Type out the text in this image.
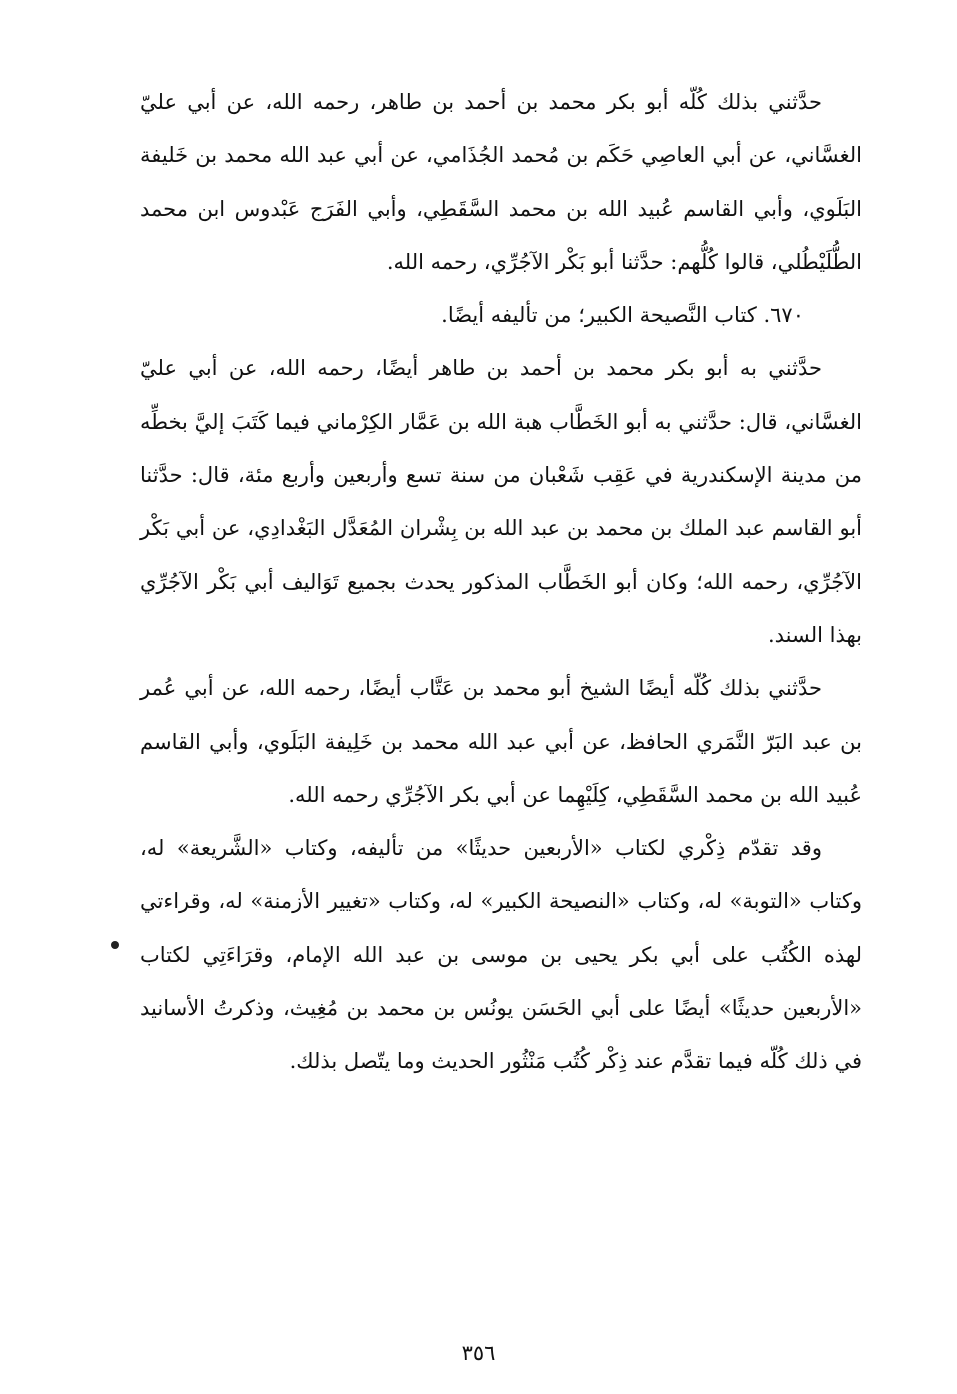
حدَّثني بذلك كُلّه أبو بكر محمد بن أحمد بن طاهر، رحمه الله، عن أبي عليّ الغسَّاني، عن أبي العاصِي حَكَم بن مُحمد الجُذَامي، عن أبي عبد الله محمد بن خَليفة البَلَوي، وأبي القاسم عُبيد الله بن محمد السَّقَطِي، وأبي الفَرَج عَبْدوس ابن محمد الطُّلَيْطُلي، قالوا كُلُّهم: حدَّثنا أبو بَكْر الآجُرِّي، رحمه الله.

٦٧٠. كتاب النَّصيحة الكبير؛ من تأليفه أيضًا.

حدَّثني به أبو بكر محمد بن أحمد بن طاهر أيضًا، رحمه الله، عن أبي عليّ الغسَّاني، قال: حدَّثني به أبو الخَطَّاب هبة الله بن عَمَّار الكِرْماني فيما كَتَبَ إليَّ بخطِّه من مدينة الإسكندرية في عَقِب شَعْبان من سنة تسع وأربعين وأربع مئة، قال: حدَّثنا أبو القاسم عبد الملك بن محمد بن عبد الله بن بِشْران المُعَدَّل البَغْدادِي، عن أبي بَكْر الآجُرِّي، رحمه الله؛ وكان أبو الخَطَّاب المذكور يحدث بجميع تَوَاليف أبي بَكْر الآجُرِّي بهذا السند.

حدَّثني بذلك كُلّه أيضًا الشيخ أبو محمد بن عَتَّاب أيضًا، رحمه الله، عن أبي عُمر بن عبد البَرّ النَّمَري الحافظ، عن أبي عبد الله محمد بن خَلِيفة البَلَوي، وأبي القاسم عُبيد الله بن محمد السَّقَطِي، كِلَيْهِما عن أبي بكر الآجُرِّي رحمه الله.

وقد تقدّم ذِكْري لكتاب «الأربعين حديثًا» من تأليفه، وكتاب «الشَّريعة» له، وكتاب «التوبة» له، وكتاب «النصيحة الكبير» له، وكتاب «تغيير الأزمنة» له، وقراءتي لهذه الكُتُب على أبي بكر يحيى بن موسى بن عبد الله الإمام، وقرَاءَتِي لكتاب «الأربعين حديثًا» أيضًا على أبي الحَسَن يونُس بن محمد بن مُغِيث، وذكرتُ الأسانيد في ذلك كُلّه فيما تقدَّم عند ذِكْر كُتُب مَنْثُور الحديث وما يتّصل بذلك.

٣٥٦
